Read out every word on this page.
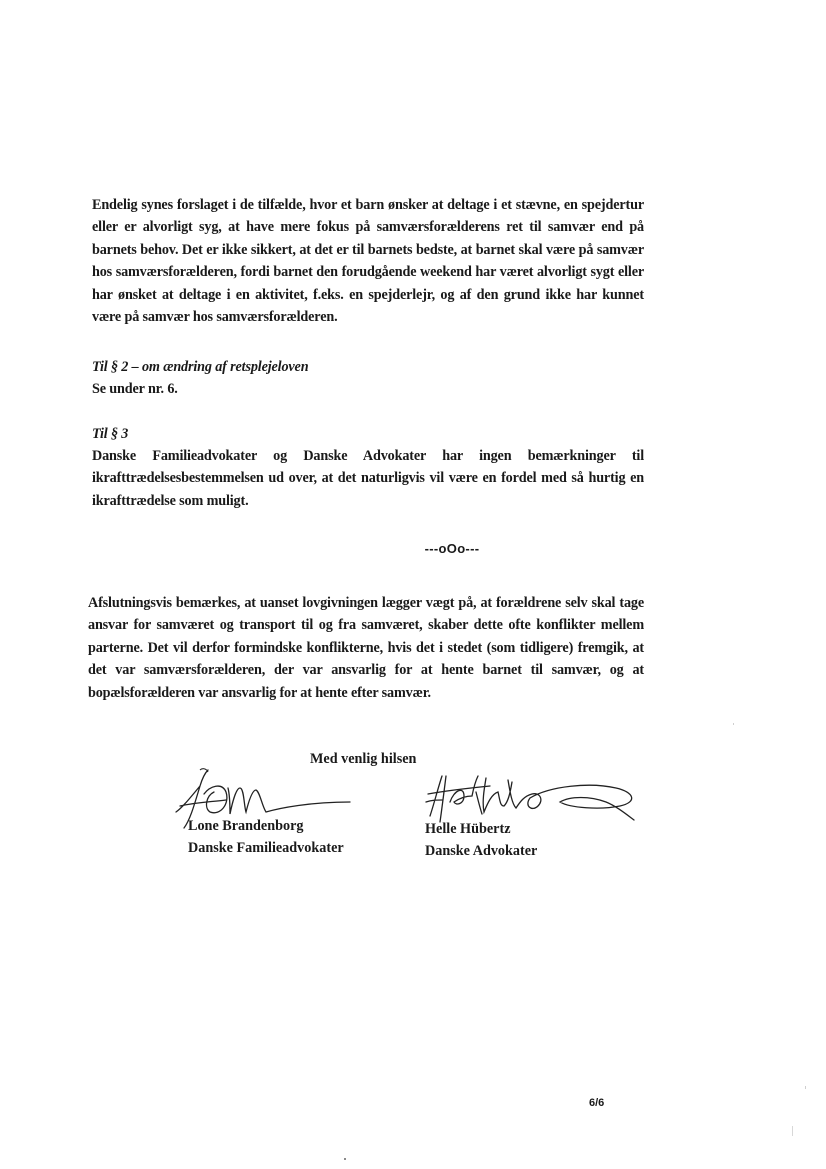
Endelig synes forslaget i de tilfælde, hvor et barn ønsker at deltage i et stævne, en spejdertur eller er alvorligt syg, at have mere fokus på samværsforælderens ret til samvær end på barnets behov. Det er ikke sikkert, at det er til barnets bedste, at barnet skal være på samvær hos samværsforælderen, fordi barnet den forudgående weekend har været alvorligt sygt eller har ønsket at deltage i en aktivitet, f.eks. en spejderlejr, og af den grund ikke har kunnet være på samvær hos samværsforælderen.
Til § 2 – om ændring af retsplejeloven
Se under nr. 6.
Til § 3
Danske Familieadvokater og Danske Advokater har ingen bemærkninger til ikrafttrædelsesbestemmelsen ud over, at det naturligvis vil være en fordel med så hurtig en ikrafttrædelse som muligt.
---oOo---
Afslutningsvis bemærkes, at uanset lovgivningen lægger vægt på, at forældrene selv skal tage ansvar for samværet og transport til og fra samværet, skaber dette ofte konflikter mellem parterne. Det vil derfor formindske konflikterne, hvis det i stedet (som tidligere) fremgik, at det var samværsforælderen, der var ansvarlig for at hente barnet til samvær, og at bopælsforælderen var ansvarlig for at hente efter samvær.
Med venlig hilsen
Lone Brandenborg
Danske Familieadvokater
Helle Hübertz
Danske Advokater
6/6
